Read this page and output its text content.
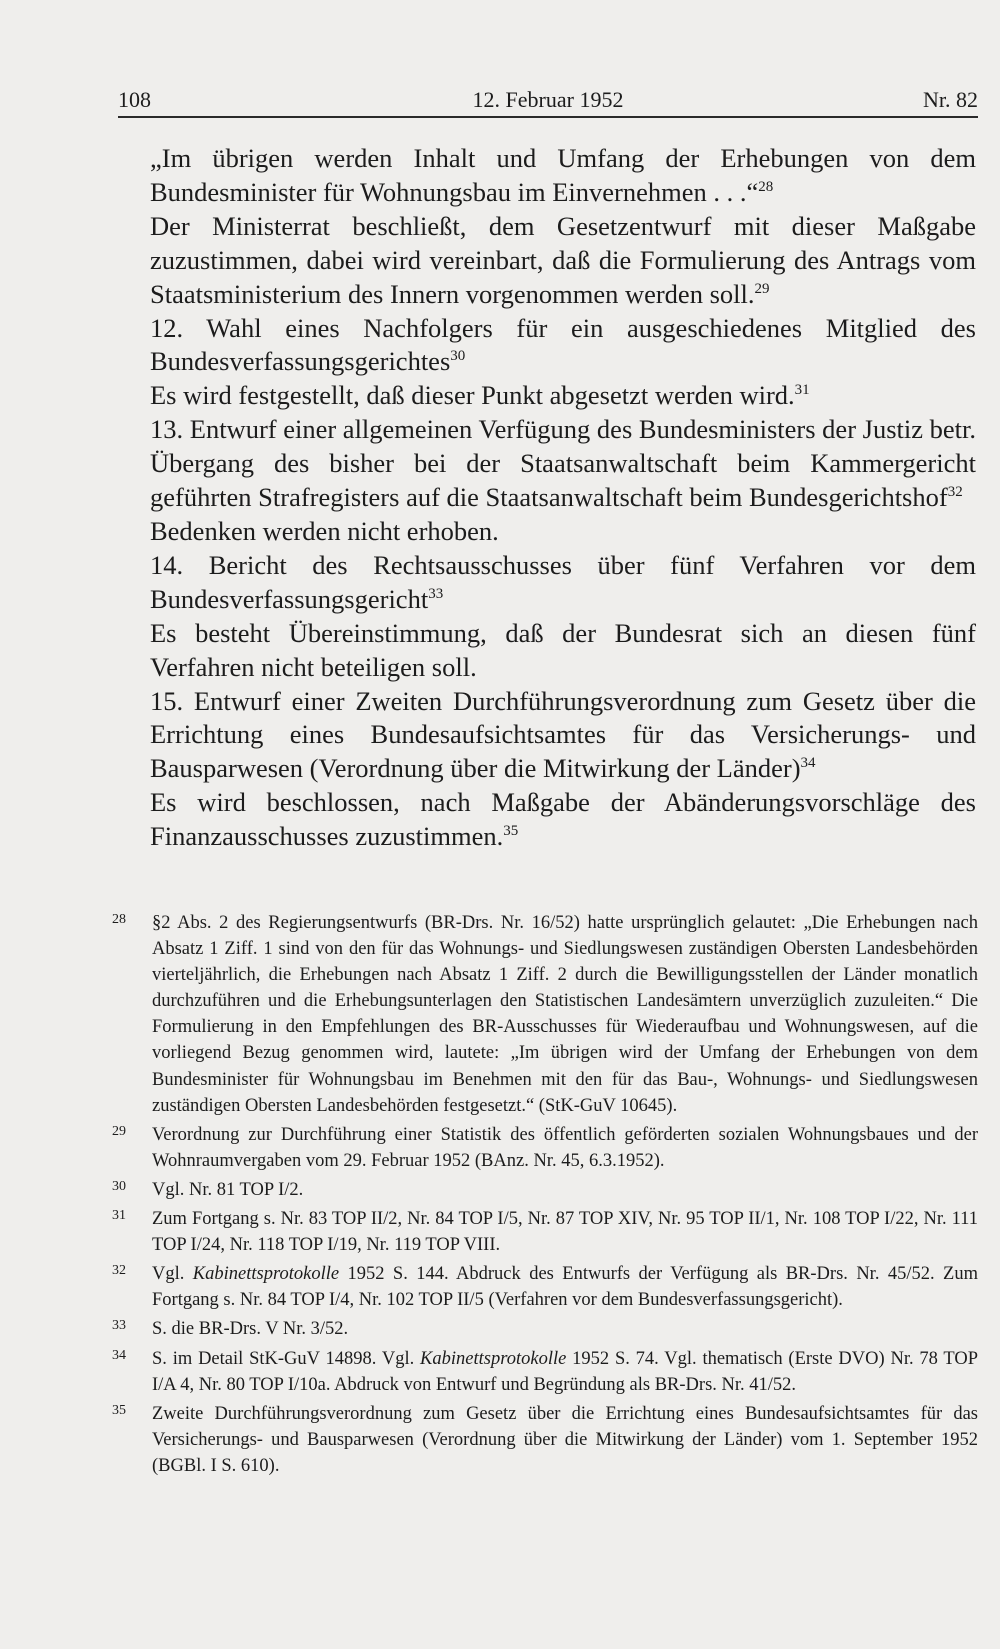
108	12. Februar 1952	Nr. 82

„Im übrigen werden Inhalt und Umfang der Erhebungen von dem Bundesminister für Wohnungsbau im Einvernehmen . . .“$^{28}$

Der Ministerrat beschließt, dem Gesetzentwurf mit dieser Maßgabe zuzustimmen, dabei wird vereinbart, daß die Formulierung des Antrags vom Staatsministerium des Innern vorgenommen werden soll.$^{29}$

12. Wahl eines Nachfolgers für ein ausgeschiedenes Mitglied des Bundesverfassungsgerichtes$^{30}$

Es wird festgestellt, daß dieser Punkt abgesetzt werden wird.$^{31}$

13. Entwurf einer allgemeinen Verfügung des Bundesministers der Justiz betr. Übergang des bisher bei der Staatsanwaltschaft beim Kammergericht geführten Strafregisters auf die Staatsanwaltschaft beim Bundesgerichtshof$^{32}$

Bedenken werden nicht erhoben.

14. Bericht des Rechtsausschusses über fünf Verfahren vor dem Bundesverfassungsgericht$^{33}$

Es besteht Übereinstimmung, daß der Bundesrat sich an diesen fünf Verfahren nicht beteiligen soll.

15. Entwurf einer Zweiten Durchführungsverordnung zum Gesetz über die Errichtung eines Bundesaufsichtsamtes für das Versicherungs- und Bausparwesen (Verordnung über die Mitwirkung der Länder)$^{34}$

Es wird beschlossen, nach Maßgabe der Abänderungsvorschläge des Finanzausschusses zuzustimmen.$^{35}$

28 §2 Abs. 2 des Regierungsentwurfs (BR-Drs. Nr. 16/52) hatte ursprünglich gelautet: „Die Erhebungen nach Absatz 1 Ziff. 1 sind von den für das Wohnungs- und Siedlungswesen zuständigen Obersten Landesbehörden vierteljährlich, die Erhebungen nach Absatz 1 Ziff. 2 durch die Bewilligungsstellen der Länder monatlich durchzuführen und die Erhebungsunterlagen den Statistischen Landesämtern unverzüglich zuzuleiten.“ Die Formulierung in den Empfehlungen des BR-Ausschusses für Wiederaufbau und Wohnungswesen, auf die vorliegend Bezug genommen wird, lautete: „Im übrigen wird der Umfang der Erhebungen von dem Bundesminister für Wohnungsbau im Benehmen mit den für das Bau-, Wohnungs- und Siedlungswesen zuständigen Obersten Landesbehörden festgesetzt.“ (StK-GuV 10645).
29 Verordnung zur Durchführung einer Statistik des öffentlich geförderten sozialen Wohnungsbaues und der Wohnraumvergaben vom 29. Februar 1952 (BAnz. Nr. 45, 6.3.1952).
30 Vgl. Nr. 81 TOP I/2.
31 Zum Fortgang s. Nr. 83 TOP II/2, Nr. 84 TOP I/5, Nr. 87 TOP XIV, Nr. 95 TOP II/1, Nr. 108 TOP I/22, Nr. 111 TOP I/24, Nr. 118 TOP I/19, Nr. 119 TOP VIII.
32 Vgl. Kabinettsprotokolle 1952 S. 144. Abdruck des Entwurfs der Verfügung als BR-Drs. Nr. 45/52. Zum Fortgang s. Nr. 84 TOP I/4, Nr. 102 TOP II/5 (Verfahren vor dem Bundesverfassungsgericht).
33 S. die BR-Drs. V Nr. 3/52.
34 S. im Detail StK-GuV 14898. Vgl. Kabinettsprotokolle 1952 S. 74. Vgl. thematisch (Erste DVO) Nr. 78 TOP I/A 4, Nr. 80 TOP I/10a. Abdruck von Entwurf und Begründung als BR-Drs. Nr. 41/52.
35 Zweite Durchführungsverordnung zum Gesetz über die Errichtung eines Bundesaufsichtsamtes für das Versicherungs- und Bausparwesen (Verordnung über die Mitwirkung der Länder) vom 1. September 1952 (BGBl. I S. 610).
